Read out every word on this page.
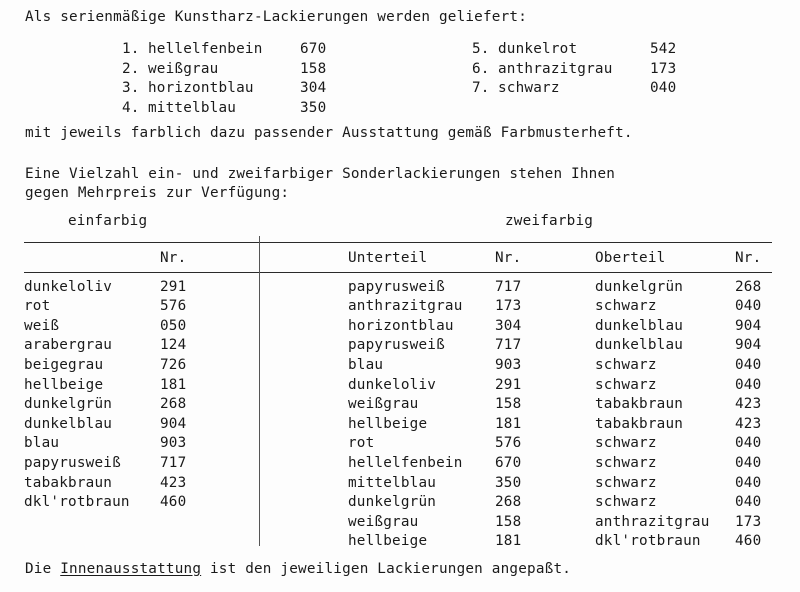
Als serienmäßige Kunstharz-Lackierungen werden geliefert:
1. hellelfenbein	670
2. weißgrau	158
3. horizontblau	304
4. mittelblau	350
5. dunkelrot	542
6. anthrazitgrau	173
7. schwarz	040
mit jeweils farblich dazu passender Ausstattung gemäß Farbmusterheft.
Eine Vielzahl ein- und zweifarbiger Sonderlackierungen stehen Ihnen
gegen Mehrpreis zur Verfügung:
einfarbig	zweifarbig
Nr.
dunkeloliv	291
rot	576
weiß	050
arabergrau	124
beigegrau	726
hellbeige	181
dunkelgrün	268
dunkelblau	904
blau	903
papyrusweiß	717
tabakbraun	423
dkl'rotbraun	460
Unterteil	Nr.	Oberteil	Nr.
papyrusweiß	717	dunkelgrün	268
anthrazitgrau	173	schwarz	040
horizontblau	304	dunkelblau	904
papyrusweiß	717	dunkelblau	904
blau	903	schwarz	040
dunkeloliv	291	schwarz	040
weißgrau	158	tabakbraun	423
hellbeige	181	tabakbraun	423
rot	576	schwarz	040
hellelfenbein	670	schwarz	040
mittelblau	350	schwarz	040
dunkelgrün	268	schwarz	040
weißgrau	158	anthrazitgrau	173
hellbeige	181	dkl'rotbraun	460
Die Innenausstattung ist den jeweiligen Lackierungen angepaßt.
